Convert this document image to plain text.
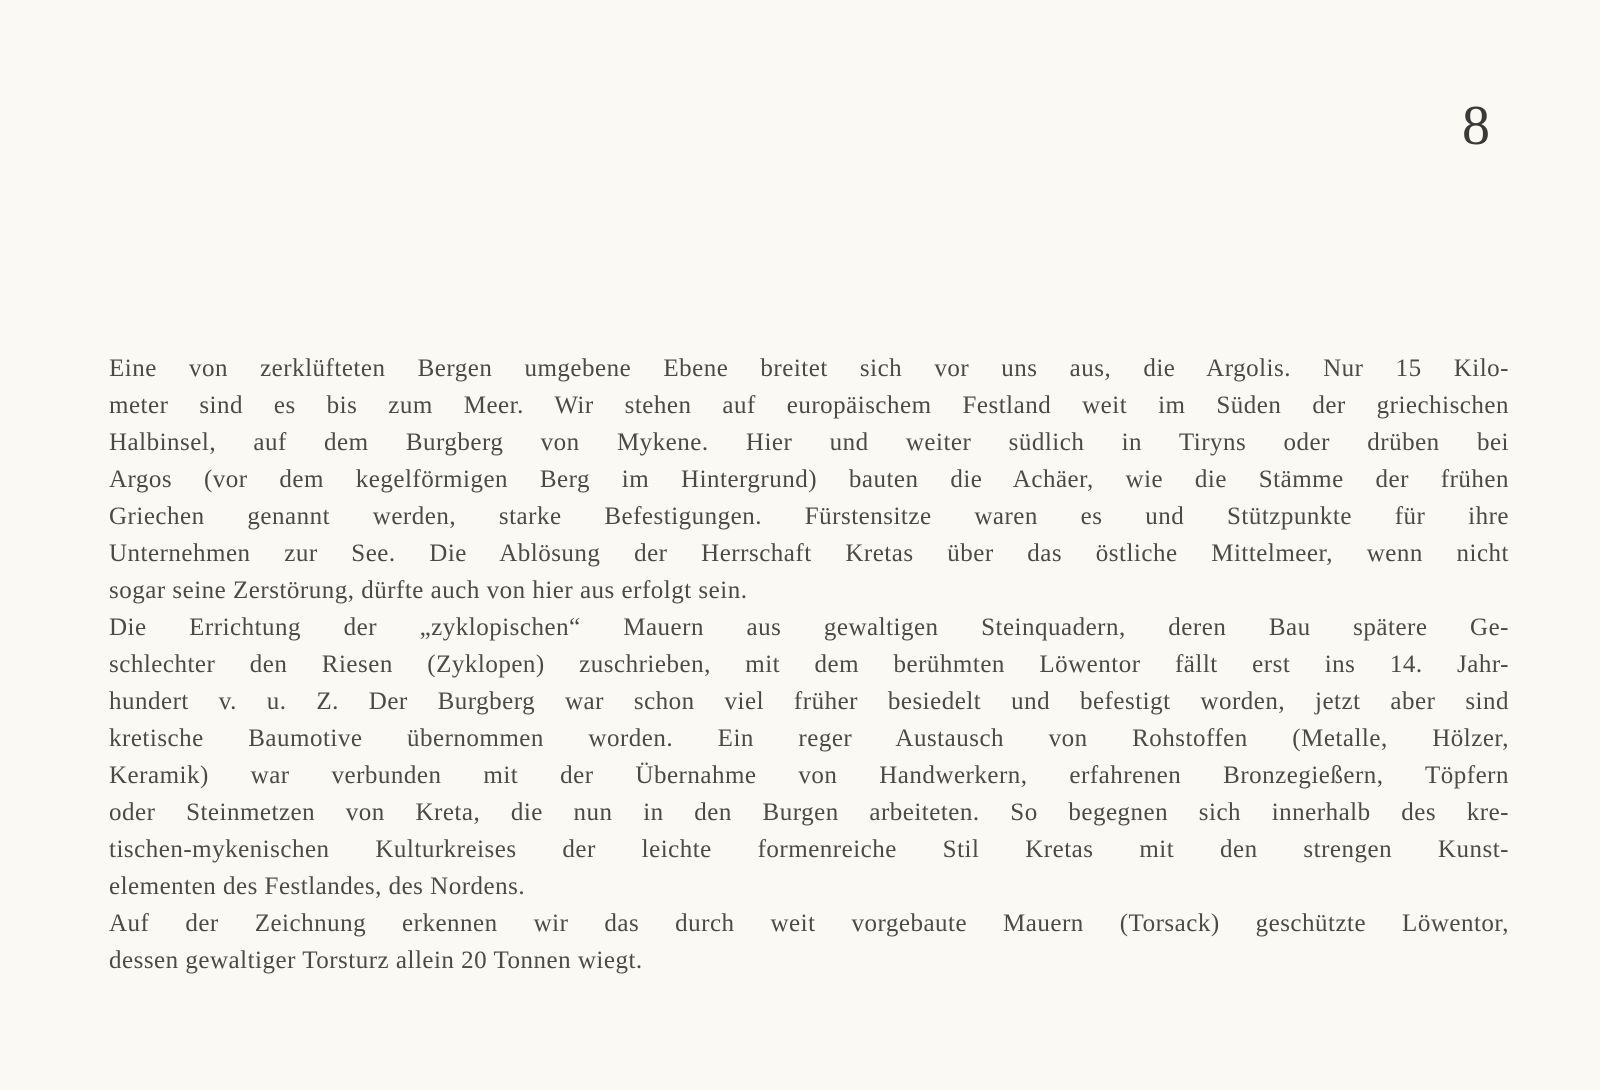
8
Eine von zerklüfteten Bergen umgebene Ebene breitet sich vor uns aus, die Argolis. Nur 15 Kilo-
meter sind es bis zum Meer. Wir stehen auf europäischem Festland weit im Süden der griechischen
Halbinsel, auf dem Burgberg von Mykene. Hier und weiter südlich in Tiryns oder drüben bei
Argos (vor dem kegelförmigen Berg im Hintergrund) bauten die Achäer, wie die Stämme der frühen
Griechen genannt werden, starke Befestigungen. Fürstensitze waren es und Stützpunkte für ihre
Unternehmen zur See. Die Ablösung der Herrschaft Kretas über das östliche Mittelmeer, wenn nicht
sogar seine Zerstörung, dürfte auch von hier aus erfolgt sein.
Die Errichtung der „zyklopischen“ Mauern aus gewaltigen Steinquadern, deren Bau spätere Ge-
schlechter den Riesen (Zyklopen) zuschrieben, mit dem berühmten Löwentor fällt erst ins 14. Jahr-
hundert v. u. Z. Der Burgberg war schon viel früher besiedelt und befestigt worden, jetzt aber sind
kretische Baumotive übernommen worden. Ein reger Austausch von Rohstoffen (Metalle, Hölzer,
Keramik) war verbunden mit der Übernahme von Handwerkern, erfahrenen Bronzegießern, Töpfern
oder Steinmetzen von Kreta, die nun in den Burgen arbeiteten. So begegnen sich innerhalb des kre-
tischen-mykenischen Kulturkreises der leichte formenreiche Stil Kretas mit den strengen Kunst-
elementen des Festlandes, des Nordens.
Auf der Zeichnung erkennen wir das durch weit vorgebaute Mauern (Torsack) geschützte Löwentor,
dessen gewaltiger Torsturz allein 20 Tonnen wiegt.
